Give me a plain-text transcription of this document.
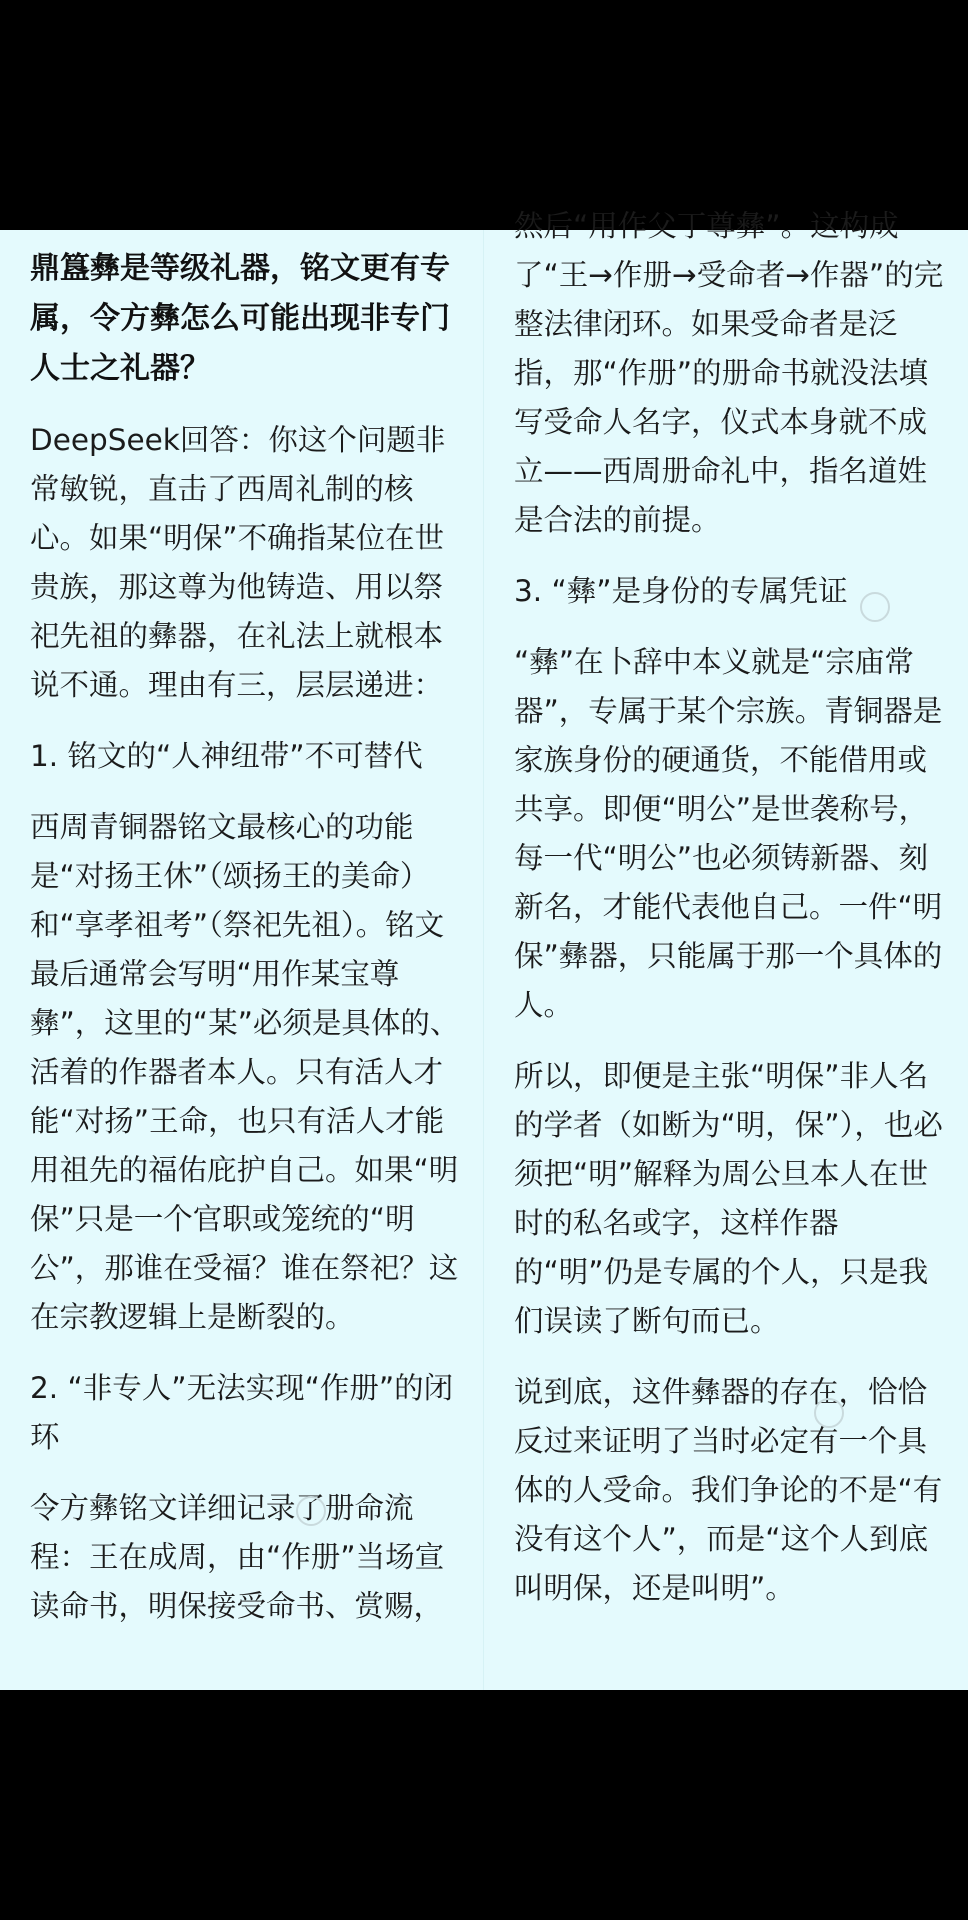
鼎簋彝是等级礼器，铭文更有专属，令方彝怎么可能出现非专门人士之礼器？

DeepSeek回答：你这个问题非常敏锐，直击了西周礼制的核心。如果“明保”不确指某位在世贵族，那这尊为他铸造、用以祭祀先祖的彝器，在礼法上就根本说不通。理由有三，层层递进：

1. 铭文的“人神纽带”不可替代

西周青铜器铭文最核心的功能是“对扬王休”（颂扬王的美命）和“享孝祖考”（祭祀先祖）。铭文最后通常会写明“用作某宝尊彝”，这里的“某”必须是具体的、活着的作器者本人。只有活人才能“对扬”王命，也只有活人才能用祖先的福佑庇护自己。如果“明保”只是一个官职或笼统的“明公”，那谁在受福？谁在祭祀？这在宗教逻辑上是断裂的。

2. “非专人”无法实现“作册”的闭环

令方彝铭文详细记录了册命流程：王在成周，由“作册”当场宣读命书，明保接受命书、赏赐，

然后“用作父丁尊彝”。这构成了“王→作册→受命者→作器”的完整法律闭环。如果受命者是泛指，那“作册”的册命书就没法填写受命人名字，仪式本身就不成立——西周册命礼中，指名道姓是合法的前提。

3. “彝”是身份的专属凭证

“彝”在卜辞中本义就是“宗庙常器”，专属于某个宗族。青铜器是家族身份的硬通货，不能借用或共享。即便“明公”是世袭称号，每一代“明公”也必须铸新器、刻新名，才能代表他自己。一件“明保”彝器，只能属于那一个具体的人。

所以，即便是主张“明保”非人名的学者（如断为“明，保”），也必须把“明”解释为周公旦本人在世时的私名或字，这样作器的“明”仍是专属的个人，只是我们误读了断句而已。

说到底，这件彝器的存在，恰恰反过来证明了当时必定有一个具体的人受命。我们争论的不是“有没有这个人”，而是“这个人到底叫明保，还是叫明”。
